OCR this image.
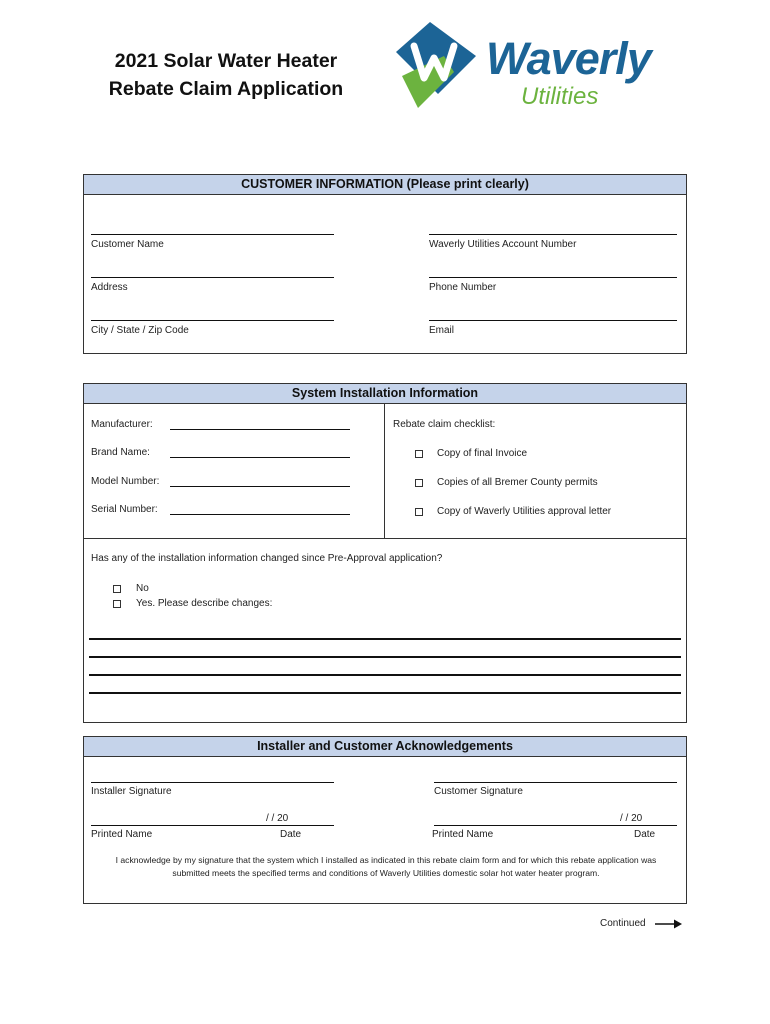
2021 Solar Water Heater
Rebate Claim Application
Waverly
Utilities
CUSTOMER INFORMATION (Please print clearly)
Customer Name	Waverly Utilities Account Number
Address	Phone Number
City / State / Zip Code	Email
System Installation Information
Manufacturer:
Brand Name:
Model Number:
Serial Number:
Rebate claim checklist:
Copy of final Invoice
Copies of all Bremer County permits
Copy of Waverly Utilities approval letter
Has any of the installation information changed since Pre-Approval application?
No
Yes. Please describe changes:
Installer and Customer Acknowledgements
Installer Signature	Customer Signature
/ / 20
Printed Name	Date
/ / 20
Printed Name	Date
I acknowledge by my signature that the system which I installed as indicated in this rebate claim form and for which this rebate application was
submitted meets the specified terms and conditions of Waverly Utilities domestic solar hot water heater program.
Continued
